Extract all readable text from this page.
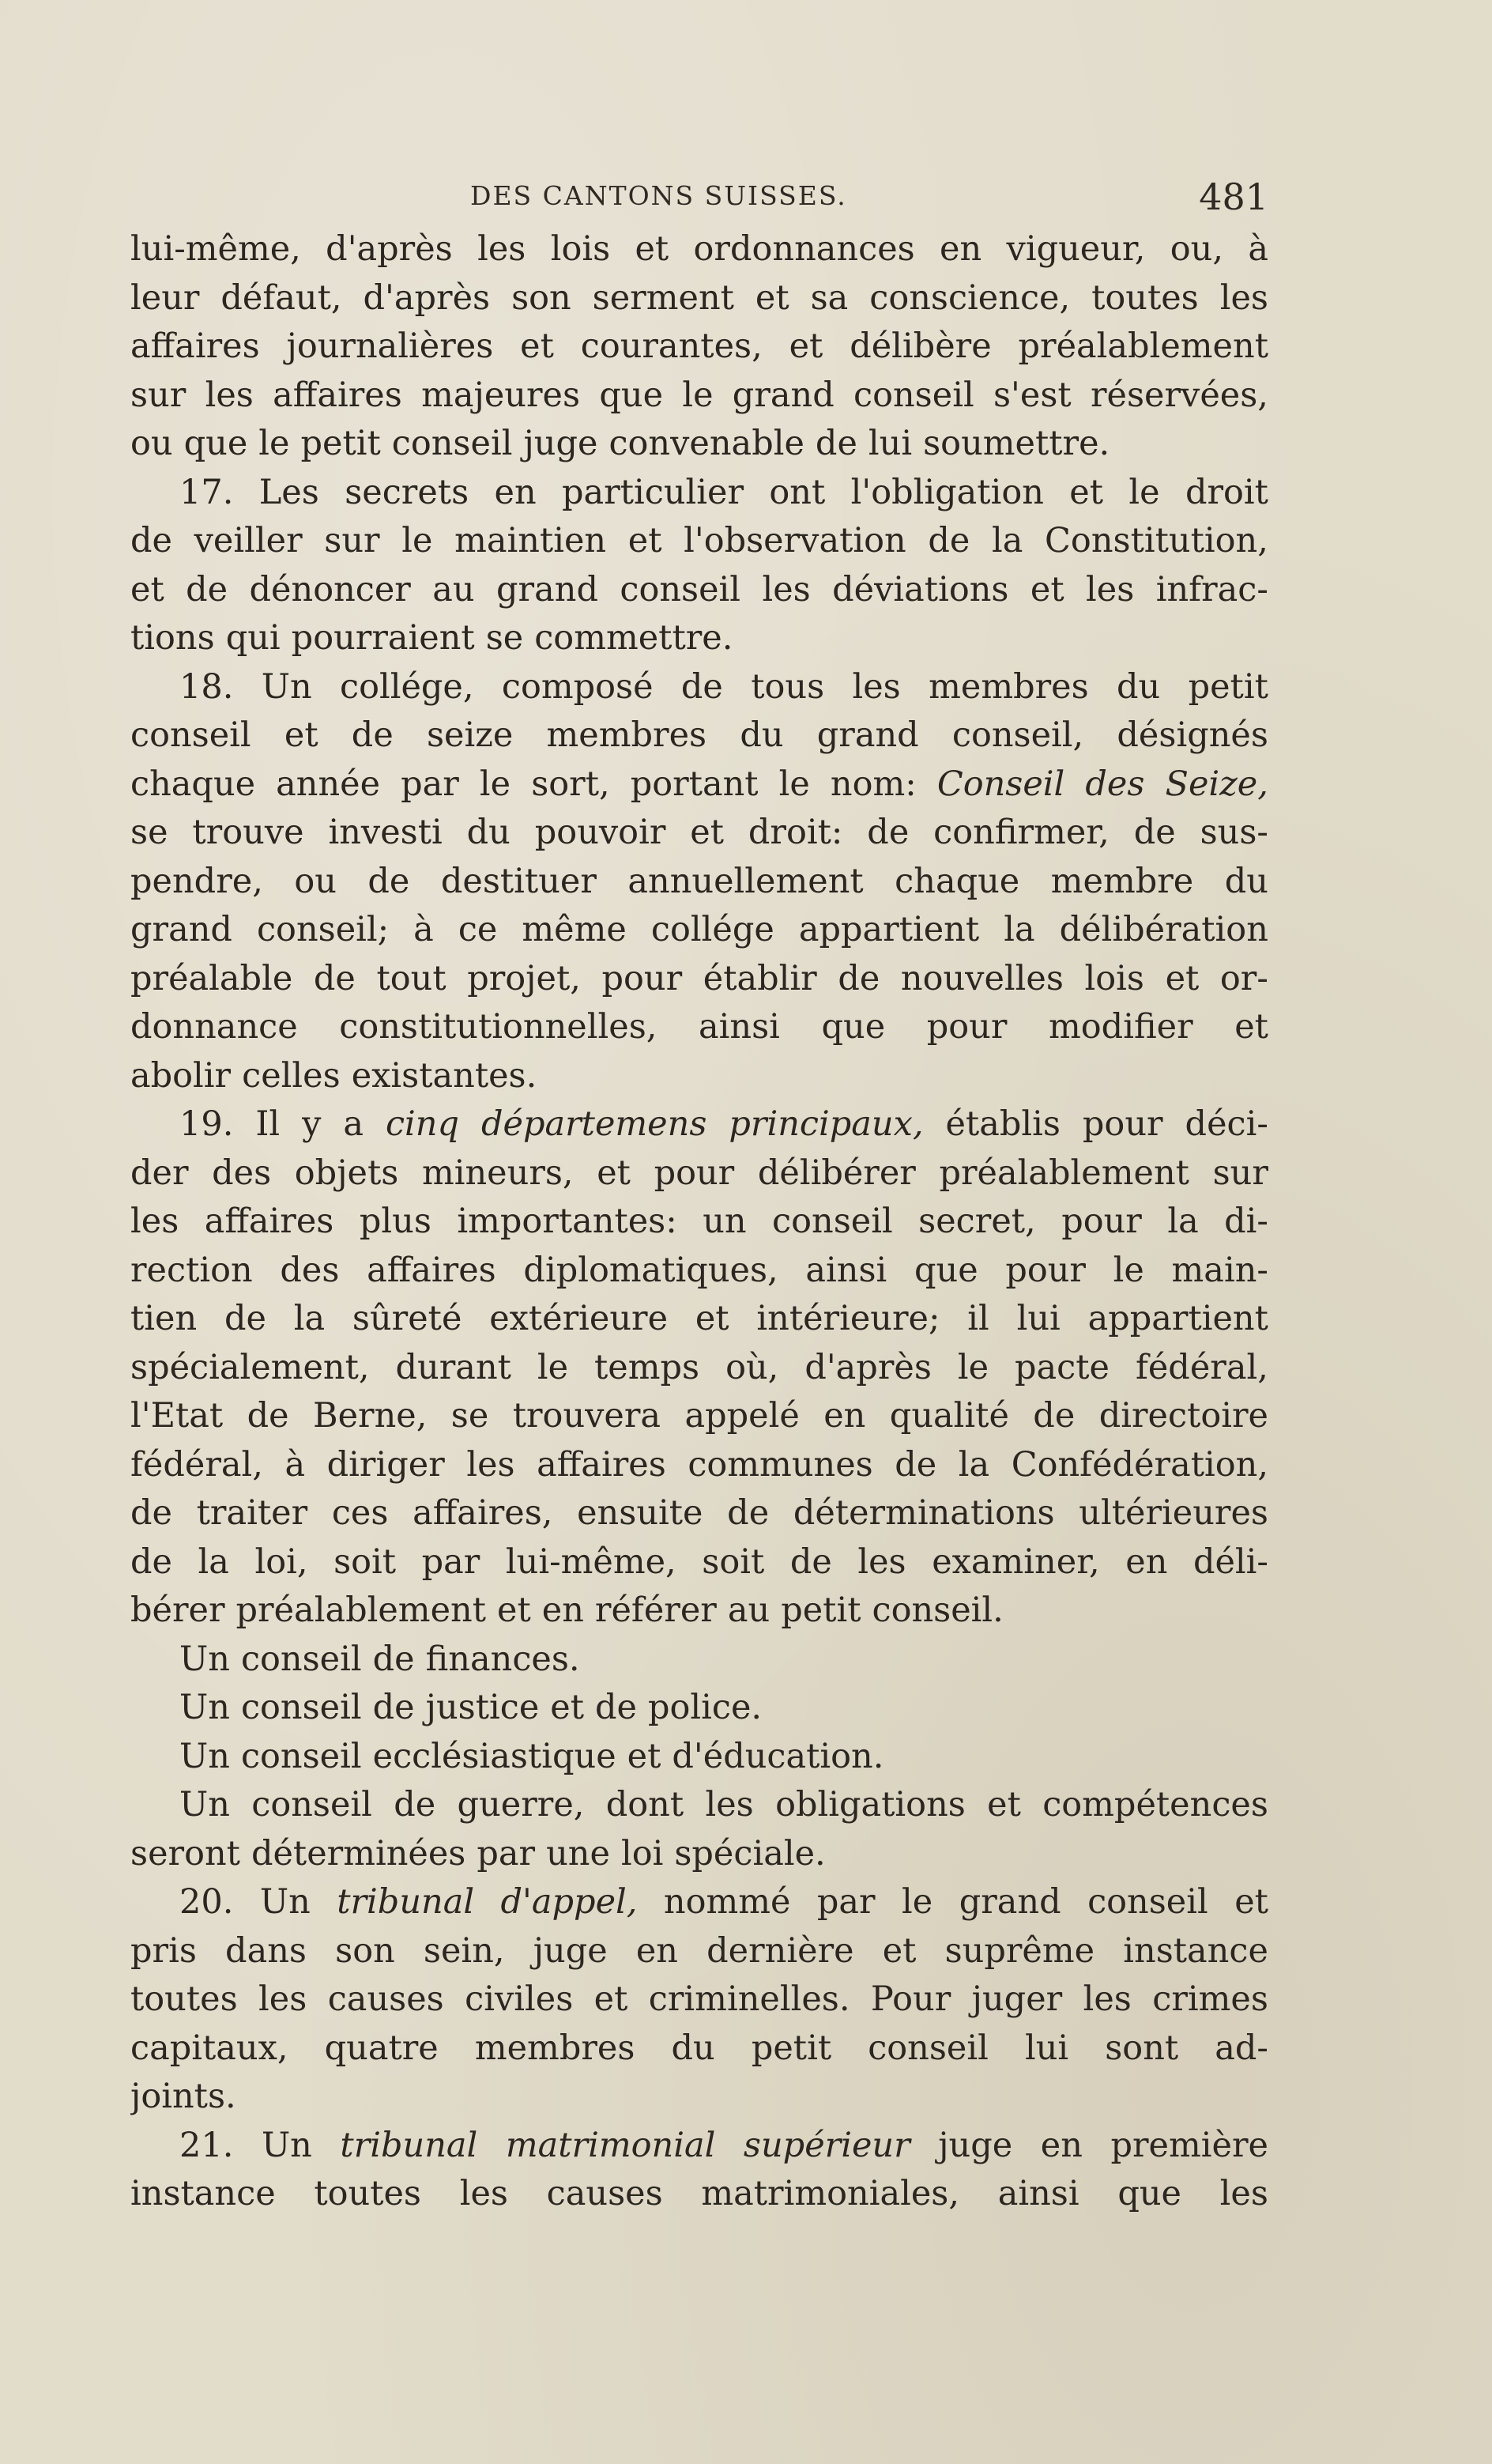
DES CANTONS SUISSES.	481
lui-même, d'après les lois et ordonnances en vigueur, ou, à
leur défaut, d'après son serment et sa conscience, toutes les
affaires journalières et courantes, et délibère préalablement
sur les affaires majeures que le grand conseil s'est réservées,
ou que le petit conseil juge convenable de lui soumettre.
17. Les secrets en particulier ont l'obligation et le droit
de veiller sur le maintien et l'observation de la Constitution,
et de dénoncer au grand conseil les déviations et les infrac-
tions qui pourraient se commettre.
18. Un collége, composé de tous les membres du petit
conseil et de seize membres du grand conseil, désignés
chaque année par le sort, portant le nom: Conseil des Seize,
se trouve investi du pouvoir et droit: de confirmer, de sus-
pendre, ou de destituer annuellement chaque membre du
grand conseil; à ce même collége appartient la délibération
préalable de tout projet, pour établir de nouvelles lois et or-
donnance constitutionnelles, ainsi que pour modifier et
abolir celles existantes.
19. Il y a cinq départemens principaux, établis pour déci-
der des objets mineurs, et pour délibérer préalablement sur
les affaires plus importantes: un conseil secret, pour la di-
rection des affaires diplomatiques, ainsi que pour le main-
tien de la sûreté extérieure et intérieure; il lui appartient
spécialement, durant le temps où, d'après le pacte fédéral,
l'Etat de Berne, se trouvera appelé en qualité de directoire
fédéral, à diriger les affaires communes de la Confédération,
de traiter ces affaires, ensuite de déterminations ultérieures
de la loi, soit par lui-même, soit de les examiner, en déli-
bérer préalablement et en référer au petit conseil.
Un conseil de finances.
Un conseil de justice et de police.
Un conseil ecclésiastique et d'éducation.
Un conseil de guerre, dont les obligations et compétences
seront déterminées par une loi spéciale.
20. Un tribunal d'appel, nommé par le grand conseil et
pris dans son sein, juge en dernière et suprême instance
toutes les causes civiles et criminelles. Pour juger les crimes
capitaux, quatre membres du petit conseil lui sont ad-
joints.
21. Un tribunal matrimonial supérieur juge en première
instance toutes les causes matrimoniales, ainsi que les
